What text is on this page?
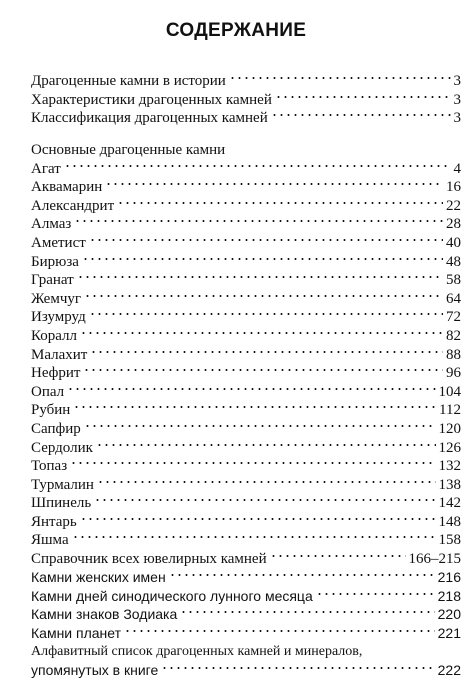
СОДЕРЖАНИЕ
Драгоценные камни в истории	3
Характеристики драгоценных камней	3
Классификация драгоценных камней	3
Основные драгоценные камни
Агат	4
Аквамарин	16
Александрит	22
Алмаз	28
Аметист	40
Бирюза	48
Гранат	58
Жемчуг	64
Изумруд	72
Коралл	82
Малахит	88
Нефрит	96
Опал	104
Рубин	112
Сапфир	120
Сердолик	126
Топаз	132
Турмалин	138
Шпинель	142
Янтарь	148
Яшма	158
Справочник всех ювелирных камней	166–215
Камни женских имен	216
Камни дней синодического лунного месяца	218
Камни знаков Зодиака	220
Камни планет	221
Алфавитный список драгоценных камней и минералов,
упомянутых в книге	222
